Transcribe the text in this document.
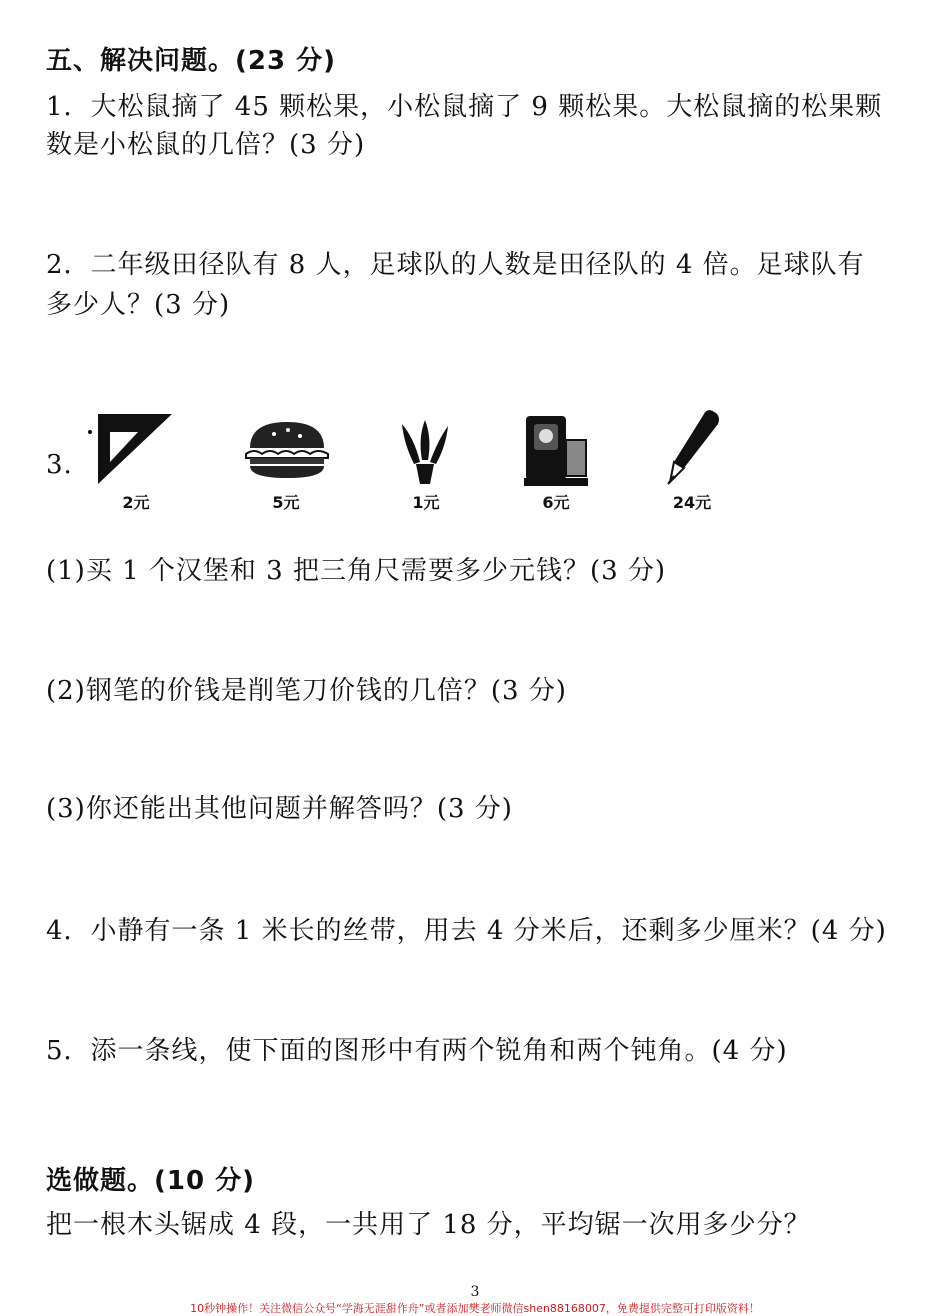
五、解决问题。(23 分)
1．大松鼠摘了 45 颗松果，小松鼠摘了 9 颗松果。大松鼠摘的松果颗
数是小松鼠的几倍？(3 分)
2．二年级田径队有 8 人，足球队的人数是田径队的 4 倍。足球队有
多少人？(3 分)
3.
2元	5元	1元	6元	24元
(1)买 1 个汉堡和 3 把三角尺需要多少元钱？(3 分)
(2)钢笔的价钱是削笔刀价钱的几倍？(3 分)
(3)你还能出其他问题并解答吗？(3 分)
4．小静有一条 1 米长的丝带，用去 4 分米后，还剩多少厘米？(4 分)
5．添一条线，使下面的图形中有两个锐角和两个钝角。(4 分)
选做题。(10 分)
把一根木头锯成 4 段，一共用了 18 分，平均锯一次用多少分？
3
10秒钟操作！关注微信公众号“学海无涯甜作舟”或者添加樊老师微信shen88168007，免费提供完整可打印版资料！
